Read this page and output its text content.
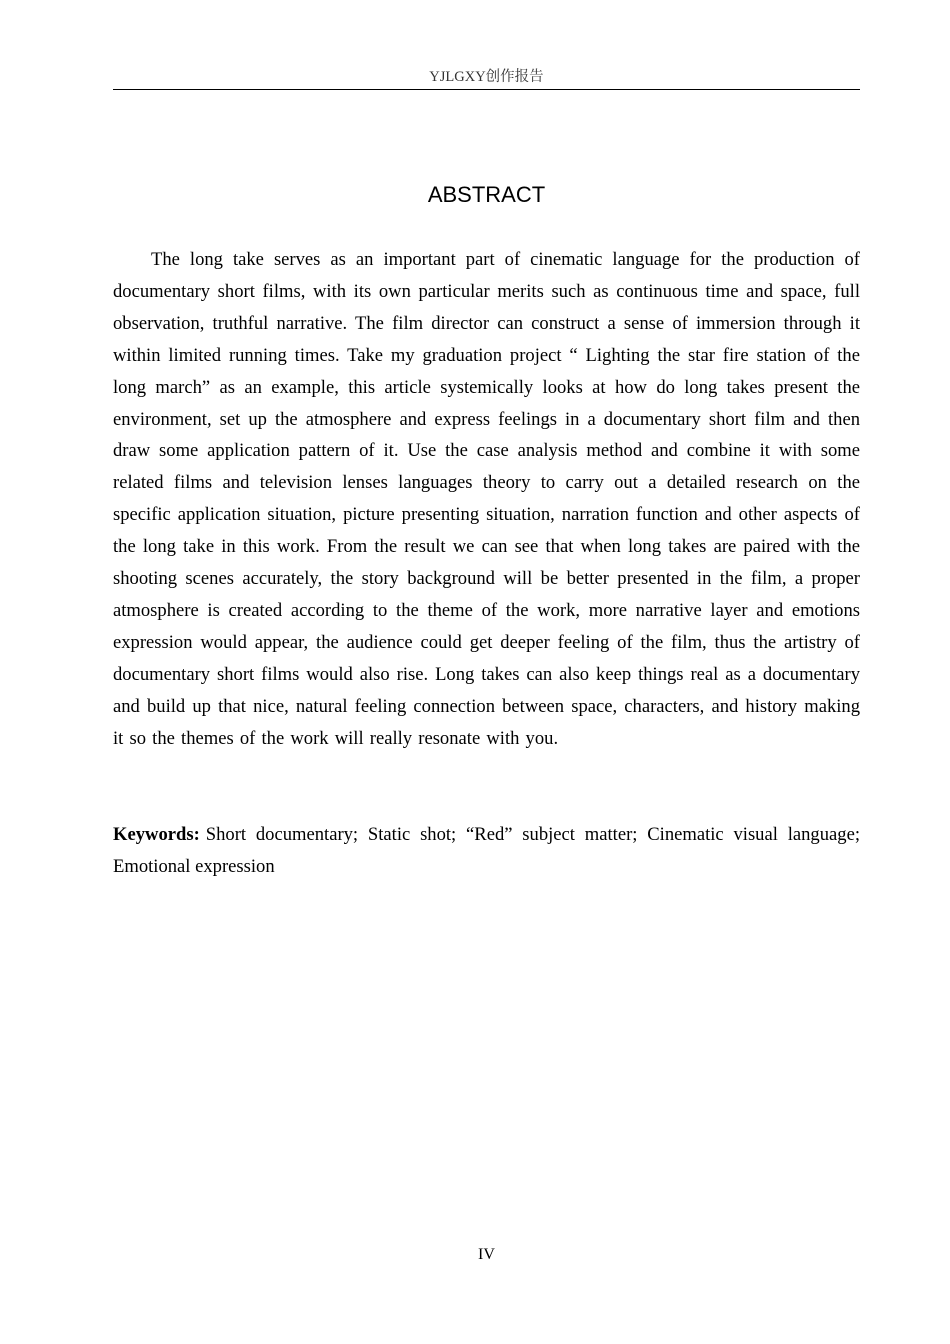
YJLGXY创作报告
ABSTRACT

The long take serves as an important part of cinematic language for the production of documentary short films, with its own particular merits such as continuous time and space, full observation, truthful narrative. The film director can construct a sense of immersion through it within limited running times. Take my graduation project “ Lighting the star fire station of the long march” as an example, this article systemically looks at how do long takes present the environment, set up the atmosphere and express feelings in a documentary short film and then draw some application pattern of it. Use the case analysis method and combine it with some related films and television lenses languages theory to carry out a detailed research on the specific application situation, picture presenting situation, narration function and other aspects of the long take in this work. From the result we can see that when long takes are paired with the shooting scenes accurately, the story background will be better presented in the film, a proper atmosphere is created according to the theme of the work, more narrative layer and emotions expression would appear, the audience could get deeper feeling of the film, thus the artistry of documentary short films would also rise. Long takes can also keep things real as a documentary and build up that nice, natural feeling connection between space, characters, and history making it so the themes of the work will really resonate with you.

Keywords: Short documentary; Static shot; “Red” subject matter; Cinematic visual language; Emotional expression

IV
